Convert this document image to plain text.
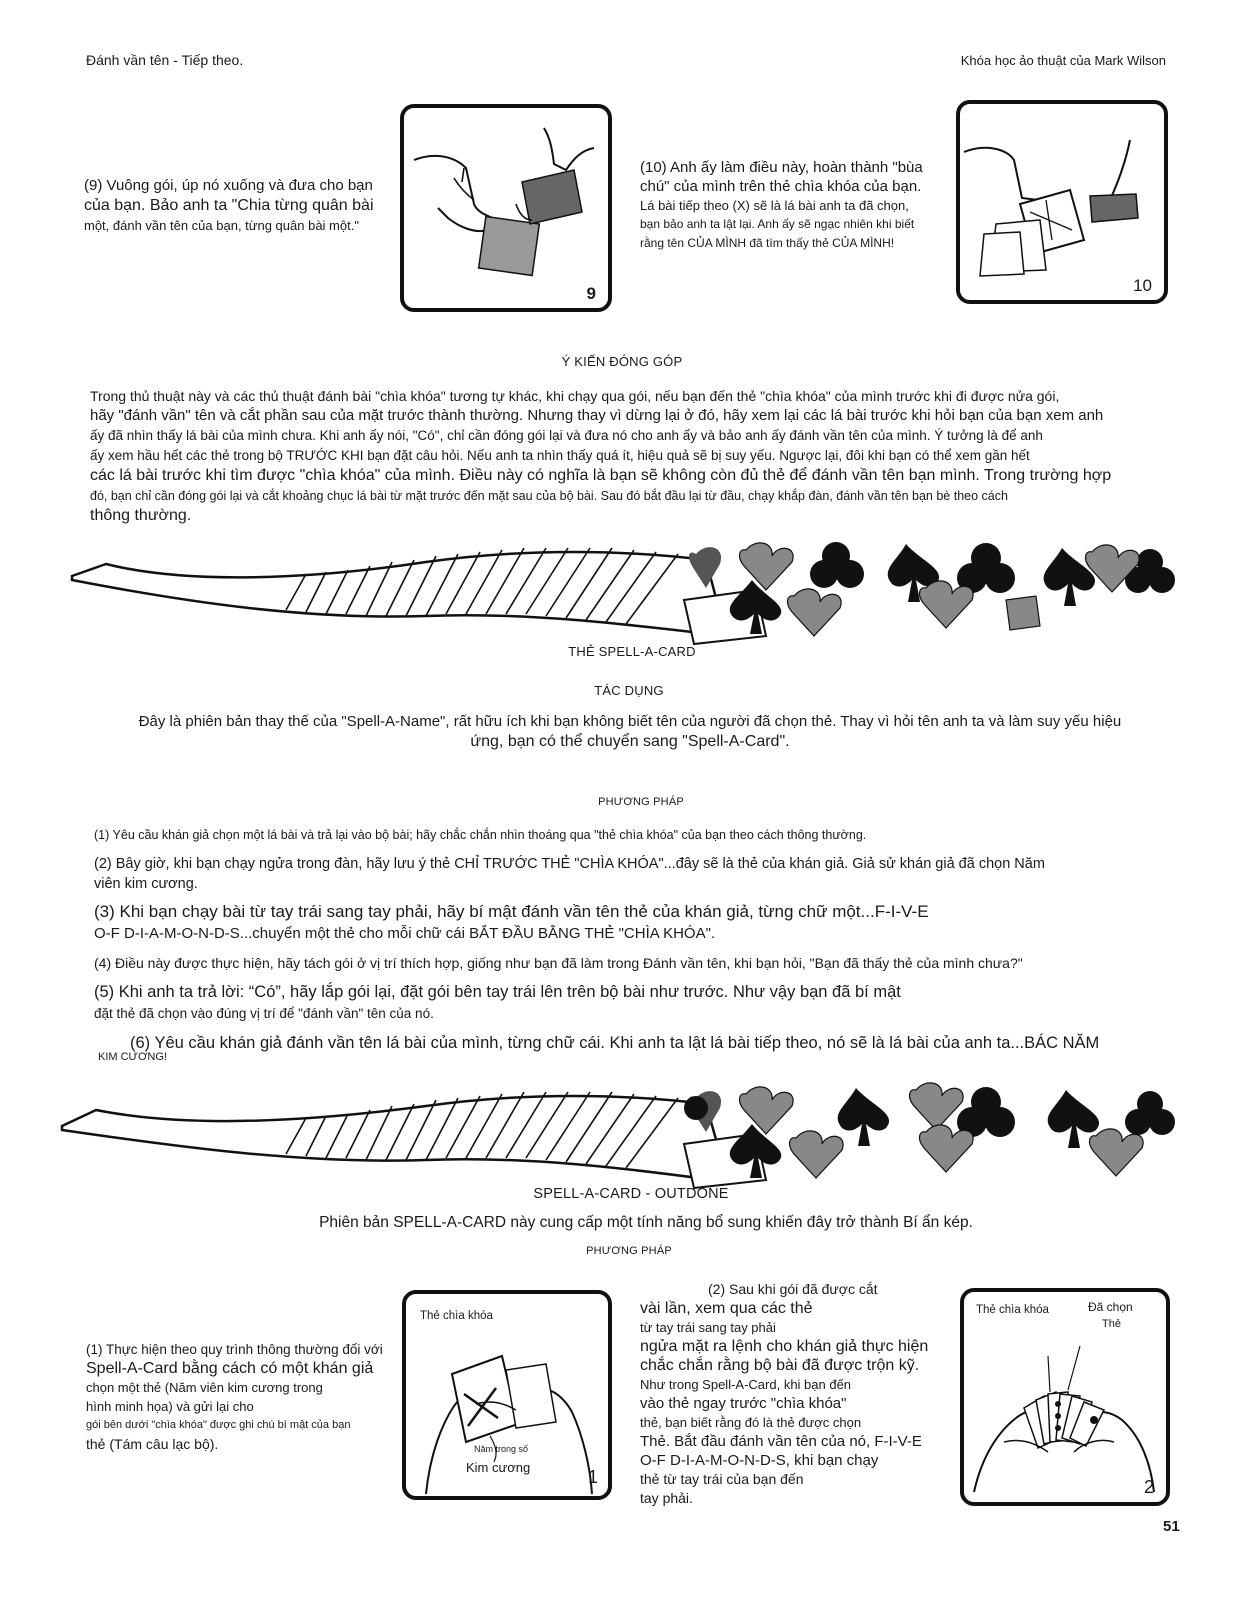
Đánh vần tên - Tiếp theo.	Khóa học ảo thuật của Mark Wilson
(9) Vuông gói, úp nó xuống và đưa cho bạn
của bạn. Bảo anh ta "Chia từng quân bài
một, đánh vần tên của bạn, từng quân bài một."
9
(10) Anh ấy làm điều này, hoàn thành "bùa
chú" của mình trên thẻ chìa khóa của bạn.
Lá bài tiếp theo (X) sẽ là lá bài anh ta đã chọn,
bạn bảo anh ta lật lại. Anh ấy sẽ ngạc nhiên khi biết
rằng tên CỦA MÌNH đã tìm thấy thẻ CỦA MÌNH!
10
Ý KIẾN ĐÓNG GÓP
Trong thủ thuật này và các thủ thuật đánh bài "chìa khóa" tương tự khác, khi chạy qua gói, nếu bạn đến thẻ "chìa khóa" của mình trước khi đi được nửa gói,
hãy "đánh vần" tên và cắt phần sau của mặt trước thành thường. Nhưng thay vì dừng lại ở đó, hãy xem lại các lá bài trước khi hỏi bạn của bạn xem anh
ấy đã nhìn thấy lá bài của mình chưa. Khi anh ấy nói, "Có", chỉ cần đóng gói lại và đưa nó cho anh ấy và bảo anh ấy đánh vần tên của mình. Ý tưởng là để anh
ấy xem hầu hết các thẻ trong bộ TRƯỚC KHI bạn đặt câu hỏi. Nếu anh ta nhìn thấy quá ít, hiệu quả sẽ bị suy yếu. Ngược lại, đôi khi bạn có thể xem gần hết
các lá bài trước khi tìm được "chìa khóa" của mình. Điều này có nghĩa là bạn sẽ không còn đủ thẻ để đánh vần tên bạn mình. Trong trường hợp
đó, bạn chỉ cần đóng gói lại và cắt khoảng chục lá bài từ mặt trước đến mặt sau của bộ bài. Sau đó bắt đầu lại từ đầu, chạy khắp đàn, đánh vần tên bạn bè theo cách
thông thường.
THẺ SPELL-A-CARD
TÁC DỤNG
Đây là phiên bản thay thế của "Spell-A-Name", rất hữu ích khi bạn không biết tên của người đã chọn thẻ. Thay vì hỏi tên anh ta và làm suy yếu hiệu
ứng, bạn có thể chuyển sang "Spell-A-Card".
PHƯƠNG PHÁP
(1) Yêu cầu khán giả chọn một lá bài và trả lại vào bộ bài; hãy chắc chắn nhìn thoáng qua "thẻ chìa khóa" của bạn theo cách thông thường.
(2) Bây giờ, khi bạn chạy ngửa trong đàn, hãy lưu ý thẻ CHỈ TRƯỚC THẺ "CHÌA KHÓA"...đây sẽ là thẻ của khán giả. Giả sử khán giả đã chọn Năm
viên kim cương.
(3) Khi bạn chạy bài từ tay trái sang tay phải, hãy bí mật đánh vần tên thẻ của khán giả, từng chữ một...F-I-V-E
O-F D-I-A-M-O-N-D-S...chuyển một thẻ cho mỗi chữ cái BẮT ĐẦU BẰNG THẺ "CHÌA KHÓA".
(4) Điều này được thực hiện, hãy tách gói ở vị trí thích hợp, giống như bạn đã làm trong Đánh vần tên, khi bạn hỏi, "Bạn đã thấy thẻ của mình chưa?"
(5) Khi anh ta trả lời: “Có”, hãy lắp gói lại, đặt gói bên tay trái lên trên bộ bài như trước. Như vậy bạn đã bí mật
đặt thẻ đã chọn vào đúng vị trí để "đánh vần" tên của nó.
(6) Yêu cầu khán giả đánh vần tên lá bài của mình, từng chữ cái. Khi anh ta lật lá bài tiếp theo, nó sẽ là lá bài của anh ta...BÁC NĂM
KIM CƯƠNG!
SPELL-A-CARD - OUTDONE
Phiên bản SPELL-A-CARD này cung cấp một tính năng bổ sung khiến đây trở thành Bí ẩn kép.
PHƯƠNG PHÁP
(1) Thực hiện theo quy trình thông thường đối với
Spell-A-Card bằng cách có một khán giả
chọn một thẻ (Năm viên kim cương trong
hình minh họa) và gửi lại cho
gói bên dưới "chìa khóa" được ghi chú bí mật của bạn
thẻ (Tám câu lạc bộ).
Thẻ chìa khóa
Năm trong số
Kim cương	1
(2) Sau khi gói đã được cắt
vài lần, xem qua các thẻ
từ tay trái sang tay phải
ngửa mặt ra lệnh cho khán giả thực hiện
chắc chắn rằng bộ bài đã được trộn kỹ.
Như trong Spell-A-Card, khi bạn đến
vào thẻ ngay trước "chìa khóa"
thẻ, bạn biết rằng đó là thẻ được chọn
Thẻ. Bắt đầu đánh vần tên của nó, F-I-V-E
O-F D-I-A-M-O-N-D-S, khi bạn chạy
thẻ từ tay trái của bạn đến
tay phải.
Thẻ chìa khóa	Đã chọn
Thẻ
2
51
